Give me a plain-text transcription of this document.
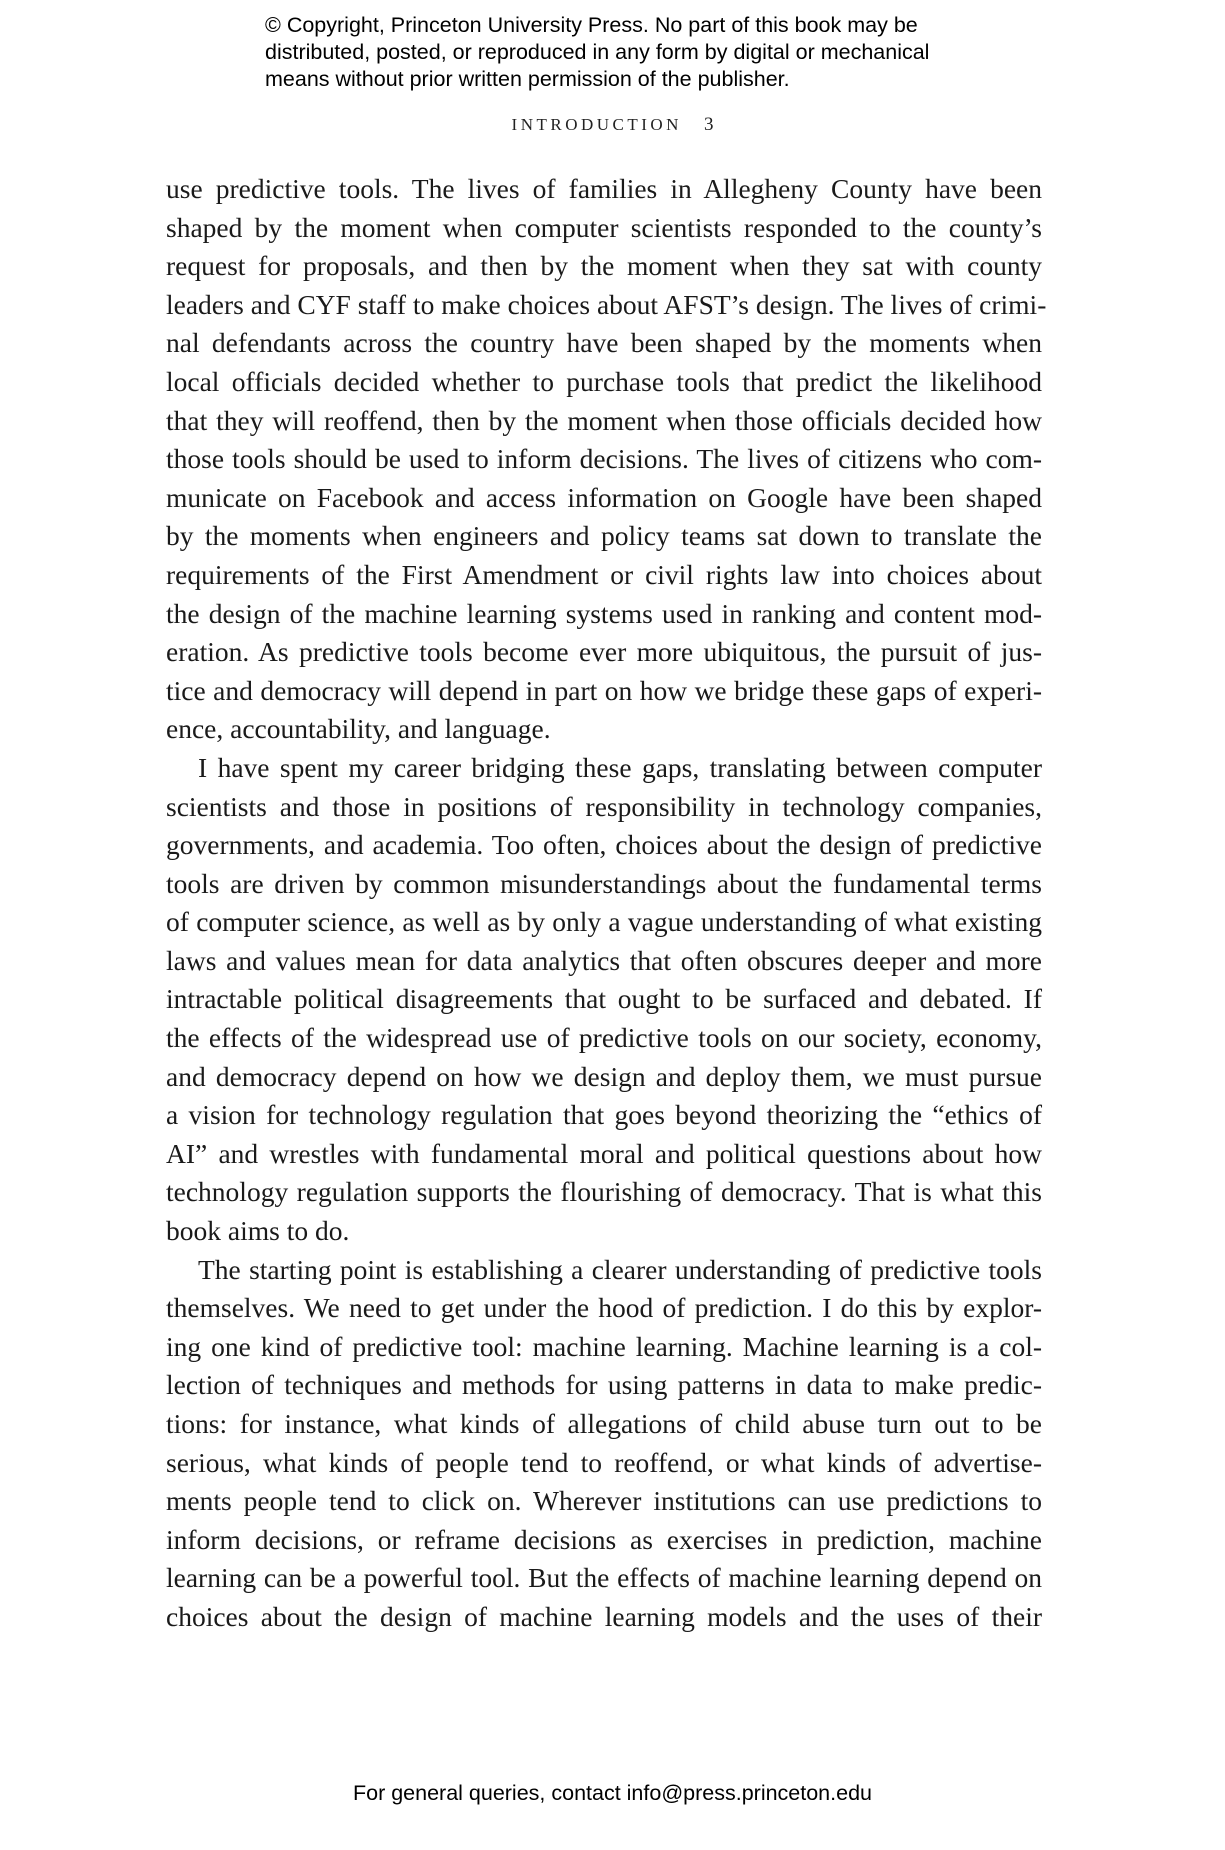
© Copyright, Princeton University Press. No part of this book may be
distributed, posted, or reproduced in any form by digital or mechanical
means without prior written permission of the publisher.
INTRODUCTION 3
use predictive tools. The lives of families in Allegheny County have been
shaped by the moment when computer scientists responded to the county’s
request for proposals, and then by the moment when they sat with county
leaders and CYF staff to make choices about AFST’s design. The lives of crimi-
nal defendants across the country have been shaped by the moments when
local officials decided whether to purchase tools that predict the likelihood
that they will reoffend, then by the moment when those officials decided how
those tools should be used to inform decisions. The lives of citizens who com-
municate on Facebook and access information on Google have been shaped
by the moments when engineers and policy teams sat down to translate the
requirements of the First Amendment or civil rights law into choices about
the design of the machine learning systems used in ranking and content mod-
eration. As predictive tools become ever more ubiquitous, the pursuit of jus-
tice and democracy will depend in part on how we bridge these gaps of experi-
ence, accountability, and language.
I have spent my career bridging these gaps, translating between computer
scientists and those in positions of responsibility in technology companies,
governments, and academia. Too often, choices about the design of predictive
tools are driven by common misunderstandings about the fundamental terms
of computer science, as well as by only a vague understanding of what existing
laws and values mean for data analytics that often obscures deeper and more
intractable political disagreements that ought to be surfaced and debated. If
the effects of the widespread use of predictive tools on our society, economy,
and democracy depend on how we design and deploy them, we must pursue
a vision for technology regulation that goes beyond theorizing the “ethics of
AI” and wrestles with fundamental moral and political questions about how
technology regulation supports the flourishing of democracy. That is what this
book aims to do.
The starting point is establishing a clearer understanding of predictive tools
themselves. We need to get under the hood of prediction. I do this by explor-
ing one kind of predictive tool: machine learning. Machine learning is a col-
lection of techniques and methods for using patterns in data to make predic-
tions: for instance, what kinds of allegations of child abuse turn out to be
serious, what kinds of people tend to reoffend, or what kinds of advertise-
ments people tend to click on. Wherever institutions can use predictions to
inform decisions, or reframe decisions as exercises in prediction, machine
learning can be a powerful tool. But the effects of machine learning depend on
choices about the design of machine learning models and the uses of their
For general queries, contact info@press.princeton.edu
